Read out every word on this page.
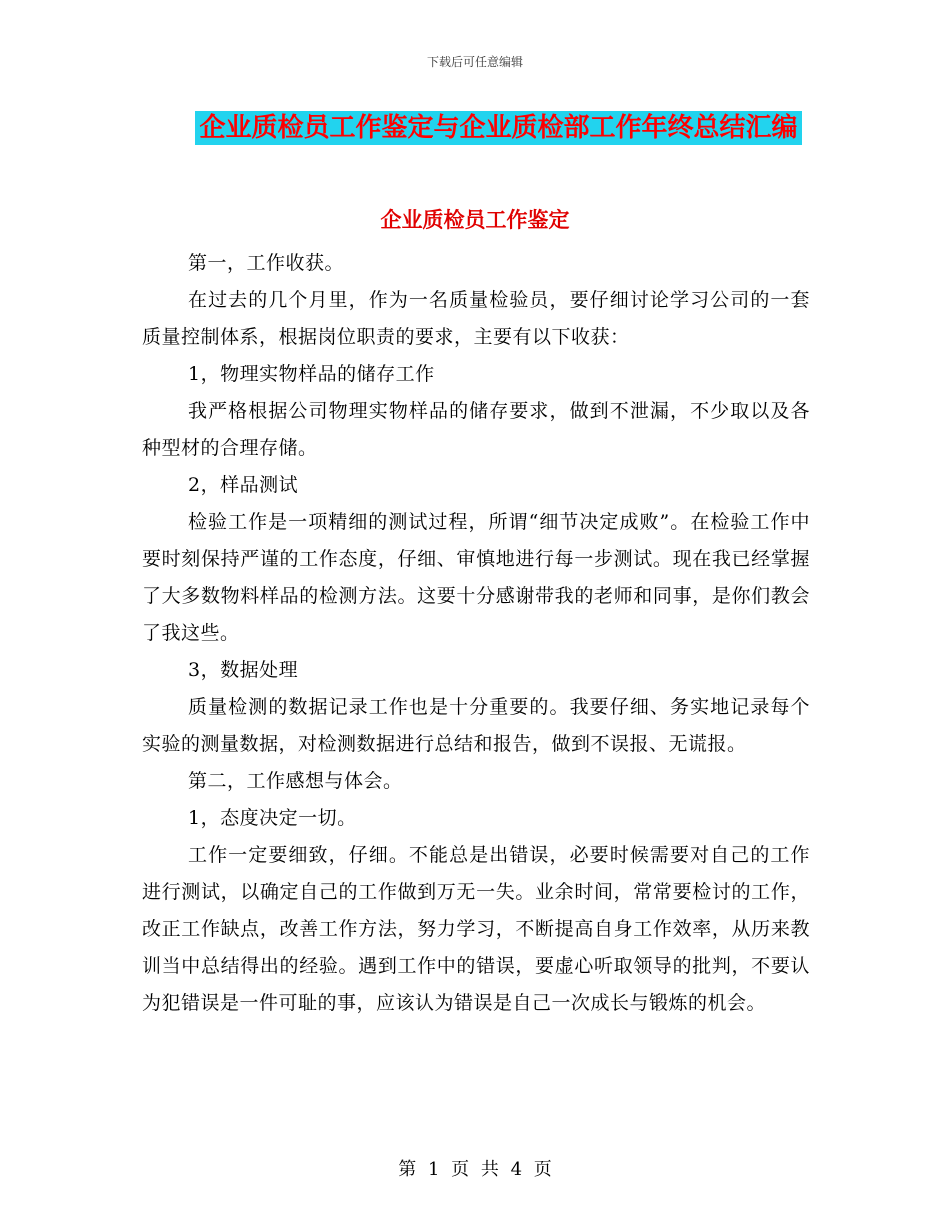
下载后可任意编辑
企业质检员工作鉴定与企业质检部工作年终总结汇编
企业质检员工作鉴定

第一，工作收获。

在过去的几个月里，作为一名质量检验员，要仔细讨论学习公司的一套质量控制体系，根据岗位职责的要求，主要有以下收获：

1，物理实物样品的储存工作

我严格根据公司物理实物样品的储存要求，做到不泄漏，不少取以及各种型材的合理存储。

2，样品测试

检验工作是一项精细的测试过程，所谓“细节决定成败”。在检验工作中要时刻保持严谨的工作态度，仔细、审慎地进行每一步测试。现在我已经掌握了大多数物料样品的检测方法。这要十分感谢带我的老师和同事，是你们教会了我这些。

3，数据处理

质量检测的数据记录工作也是十分重要的。我要仔细、务实地记录每个实验的测量数据，对检测数据进行总结和报告，做到不误报、无谎报。

第二，工作感想与体会。

1，态度决定一切。

工作一定要细致，仔细。不能总是出错误，必要时候需要对自己的工作进行测试，以确定自己的工作做到万无一失。业余时间，常常要检讨的工作，改正工作缺点，改善工作方法，努力学习，不断提高自身工作效率，从历来教训当中总结得出的经验。遇到工作中的错误，要虚心听取领导的批判，不要认为犯错误是一件可耻的事，应该认为错误是自己一次成长与锻炼的机会。

第 1 页 共 4 页
